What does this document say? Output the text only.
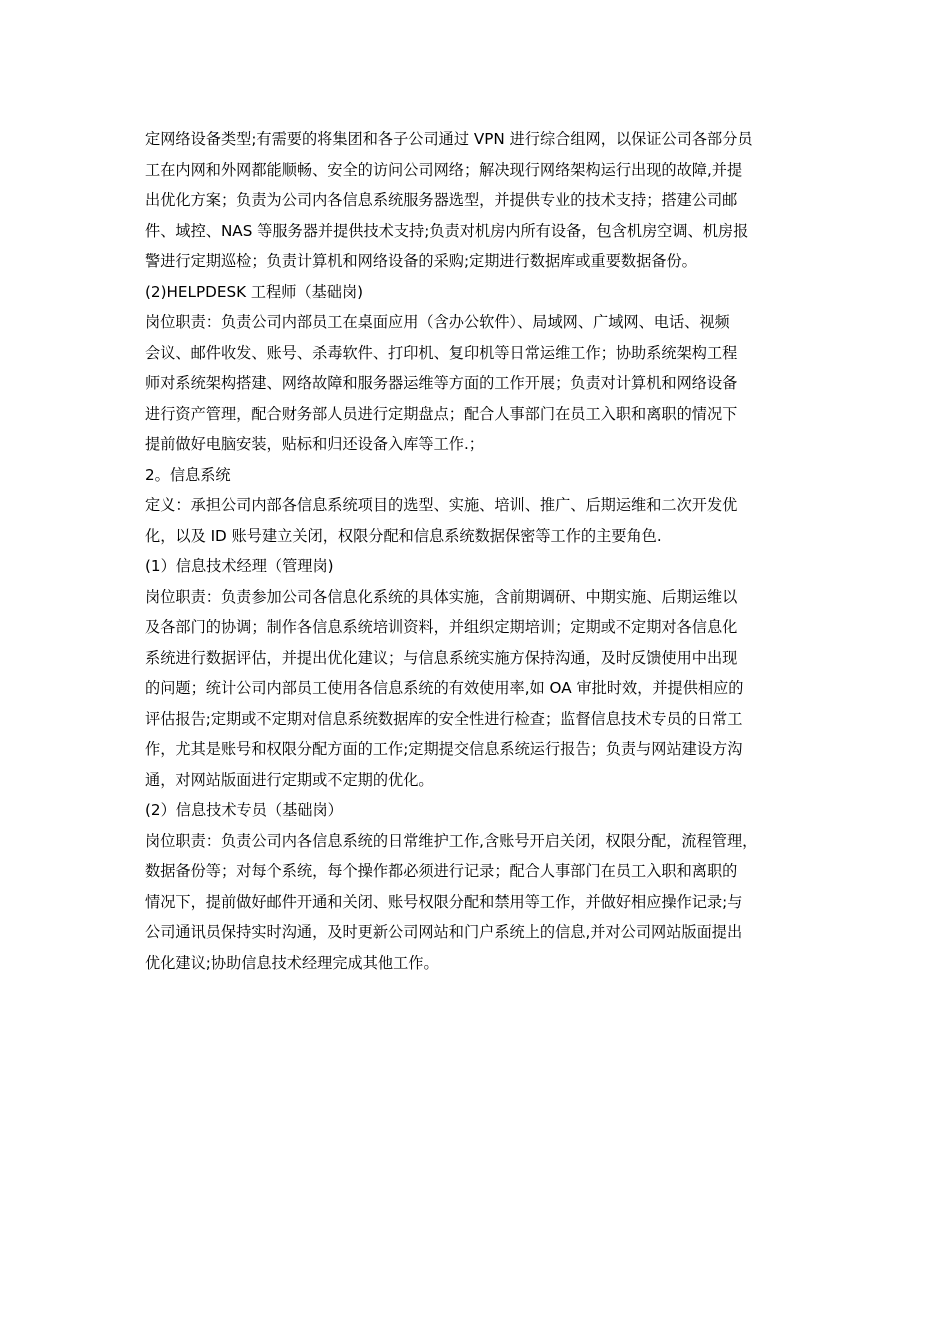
定网络设备类型;有需要的将集团和各子公司通过 VPN 进行综合组网，以保证公司各部分员
工在内网和外网都能顺畅、安全的访问公司网络；解决现行网络架构运行出现的故障,并提
出优化方案；负责为公司内各信息系统服务器选型，并提供专业的技术支持；搭建公司邮
件、域控、NAS 等服务器并提供技术支持;负责对机房内所有设备，包含机房空调、机房报
警进行定期巡检；负责计算机和网络设备的采购;定期进行数据库或重要数据备份。
(2)HELPDESK 工程师（基础岗)
岗位职责：负责公司内部员工在桌面应用（含办公软件）、局域网、广域网、电话、视频
会议、邮件收发、账号、杀毒软件、打印机、复印机等日常运维工作；协助系统架构工程
师对系统架构搭建、网络故障和服务器运维等方面的工作开展；负责对计算机和网络设备
进行资产管理，配合财务部人员进行定期盘点；配合人事部门在员工入职和离职的情况下
提前做好电脑安装，贴标和归还设备入库等工作.；
2。信息系统
定义：承担公司内部各信息系统项目的选型、实施、培训、推广、后期运维和二次开发优
化，以及 ID 账号建立关闭，权限分配和信息系统数据保密等工作的主要角色.
(1）信息技术经理（管理岗)
岗位职责：负责参加公司各信息化系统的具体实施，含前期调研、中期实施、后期运维以
及各部门的协调；制作各信息系统培训资料，并组织定期培训；定期或不定期对各信息化
系统进行数据评估，并提出优化建议；与信息系统实施方保持沟通，及时反馈使用中出现
的问题；统计公司内部员工使用各信息系统的有效使用率,如 OA 审批时效，并提供相应的
评估报告;定期或不定期对信息系统数据库的安全性进行检查；监督信息技术专员的日常工
作，尤其是账号和权限分配方面的工作;定期提交信息系统运行报告；负责与网站建设方沟
通，对网站版面进行定期或不定期的优化。
(2）信息技术专员（基础岗）
岗位职责：负责公司内各信息系统的日常维护工作,含账号开启关闭，权限分配，流程管理，
数据备份等；对每个系统，每个操作都必须进行记录；配合人事部门在员工入职和离职的
情况下，提前做好邮件开通和关闭、账号权限分配和禁用等工作，并做好相应操作记录;与
公司通讯员保持实时沟通，及时更新公司网站和门户系统上的信息,并对公司网站版面提出
优化建议;协助信息技术经理完成其他工作。
